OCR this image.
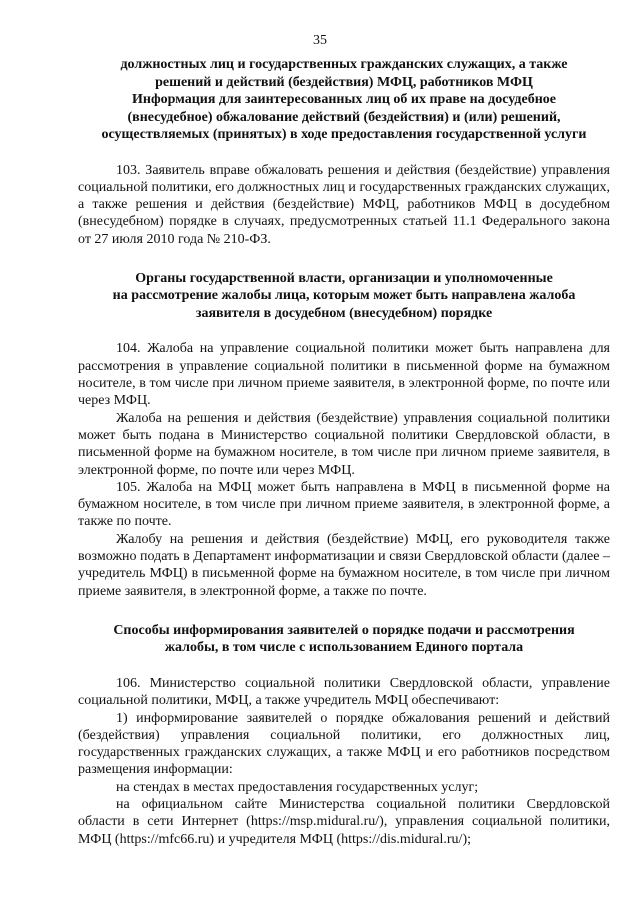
35
должностных лиц и государственных гражданских служащих, а также
решений и действий (бездействия) МФЦ, работников МФЦ
Информация для заинтересованных лиц об их праве на досудебное
(внесудебное) обжалование действий (бездействия) и (или) решений,
осуществляемых (принятых) в ходе предоставления государственной услуги

103. Заявитель вправе обжаловать решения и действия (бездействие) управления социальной политики, его должностных лиц и государственных гражданских служащих, а также решения и действия (бездействие) МФЦ, работников МФЦ в досудебном (внесудебном) порядке в случаях, предусмотренных статьей 11.1 Федерального закона от 27 июля 2010 года № 210-ФЗ.

Органы государственной власти, организации и уполномоченные
на рассмотрение жалобы лица, которым может быть направлена жалоба
заявителя в досудебном (внесудебном) порядке

104. Жалоба на управление социальной политики может быть направлена для рассмотрения в управление социальной политики в письменной форме на бумажном носителе, в том числе при личном приеме заявителя, в электронной форме, по почте или через МФЦ.

Жалоба на решения и действия (бездействие) управления социальной политики может быть подана в Министерство социальной политики Свердловской области, в письменной форме на бумажном носителе, в том числе при личном приеме заявителя, в электронной форме, по почте или через МФЦ.

105. Жалоба на МФЦ может быть направлена в МФЦ в письменной форме на бумажном носителе, в том числе при личном приеме заявителя, в электронной форме, а также по почте.

Жалобу на решения и действия (бездействие) МФЦ, его руководителя также возможно подать в Департамент информатизации и связи Свердловской области (далее – учредитель МФЦ) в письменной форме на бумажном носителе, в том числе при личном приеме заявителя, в электронной форме, а также по почте.

Способы информирования заявителей о порядке подачи и рассмотрения
жалобы, в том числе с использованием Единого портала

106. Министерство социальной политики Свердловской области, управление социальной политики, МФЦ, а также учредитель МФЦ обеспечивают:

1) информирование заявителей о порядке обжалования решений и действий (бездействия) управления социальной политики, его должностных лиц, государственных гражданских служащих, а также МФЦ и его работников посредством размещения информации:

на стендах в местах предоставления государственных услуг;

на официальном сайте Министерства социальной политики Свердловской области в сети Интернет (https://msp.midural.ru/), управления социальной политики, МФЦ (https://mfc66.ru) и учредителя МФЦ (https://dis.midural.ru/);
